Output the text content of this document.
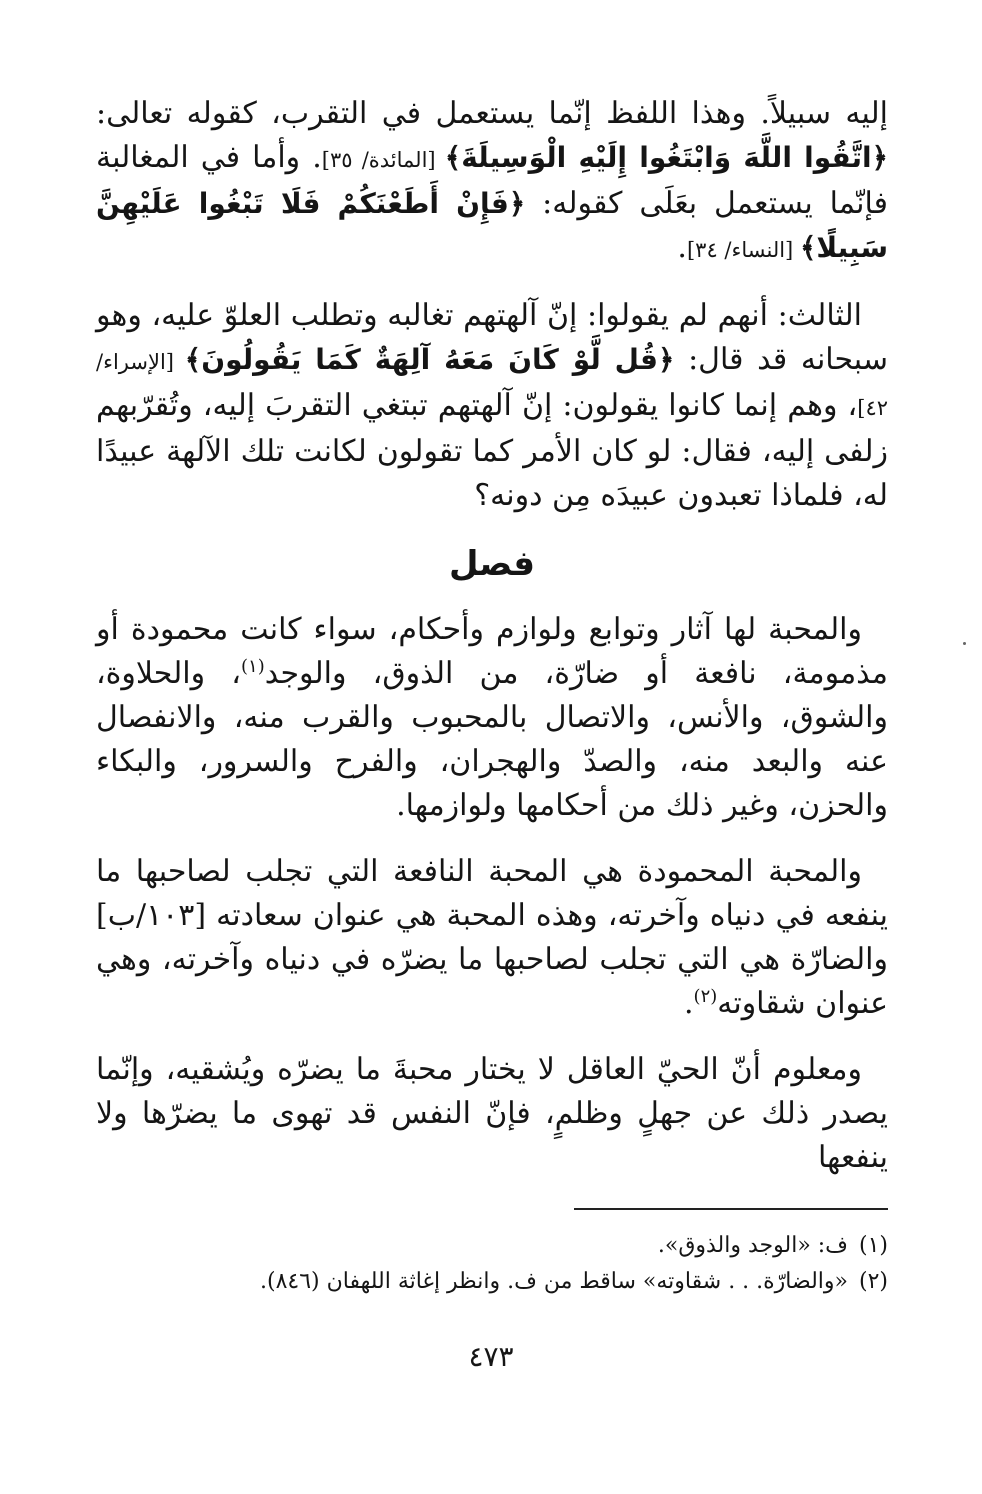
إليه سبيلاً. وهذا اللفظ إنّما يستعمل في التقرب، كقوله تعالى: ﴿اتَّقُوا اللَّهَ وَابْتَغُوا إِلَيْهِ الْوَسِيلَةَ﴾ [المائدة/ ٣٥]. وأما في المغالبة فإنّما يستعمل بعَلَى كقوله: ﴿فَإِنْ أَطَعْنَكُمْ فَلَا تَبْغُوا عَلَيْهِنَّ سَبِيلًا﴾ [النساء/ ٣٤].

الثالث: أنهم لم يقولوا: إنّ آلهتهم تغالبه وتطلب العلوّ عليه، وهو سبحانه قد قال: ﴿قُل لَّوْ كَانَ مَعَهُ آلِهَةٌ كَمَا يَقُولُونَ﴾ [الإسراء/ ٤٢]، وهم إنما كانوا يقولون: إنّ آلهتهم تبتغي التقربَ إليه، وتُقرّبهم زلفى إليه، فقال: لو كان الأمر كما تقولون لكانت تلك الآلهة عبيدًا له، فلماذا تعبدون عبيدَه مِن دونه؟

فصل

والمحبة لها آثار وتوابع ولوازم وأحكام، سواء كانت محمودة أو مذمومة، نافعة أو ضارّة، من الذوق، والوجد$^{(١)}$، والحلاوة، والشوق، والأنس، والاتصال بالمحبوب والقرب منه، والانفصال عنه والبعد منه، والصدّ والهجران، والفرح والسرور، والبكاء والحزن، وغير ذلك من أحكامها ولوازمها.

والمحبة المحمودة هي المحبة النافعة التي تجلب لصاحبها ما ينفعه في دنياه وآخرته، وهذه المحبة هي عنوان سعادته [١٠٣/ب] والضارّة هي التي تجلب لصاحبها ما يضرّه في دنياه وآخرته، وهي عنوان شقاوته$^{(٢)}$.

ومعلوم أنّ الحيّ العاقل لا يختار محبةَ ما يضرّه ويُشقيه، وإنّما يصدر ذلك عن جهلٍ وظلمٍ، فإنّ النفس قد تهوى ما يضرّها ولا ينفعها

(١)ف: «الوجد والذوق».

(٢)«والضارّة. . . شقاوته» ساقط من ف. وانظر إغاثة اللهفان (٨٤٦).

٤٧٣
